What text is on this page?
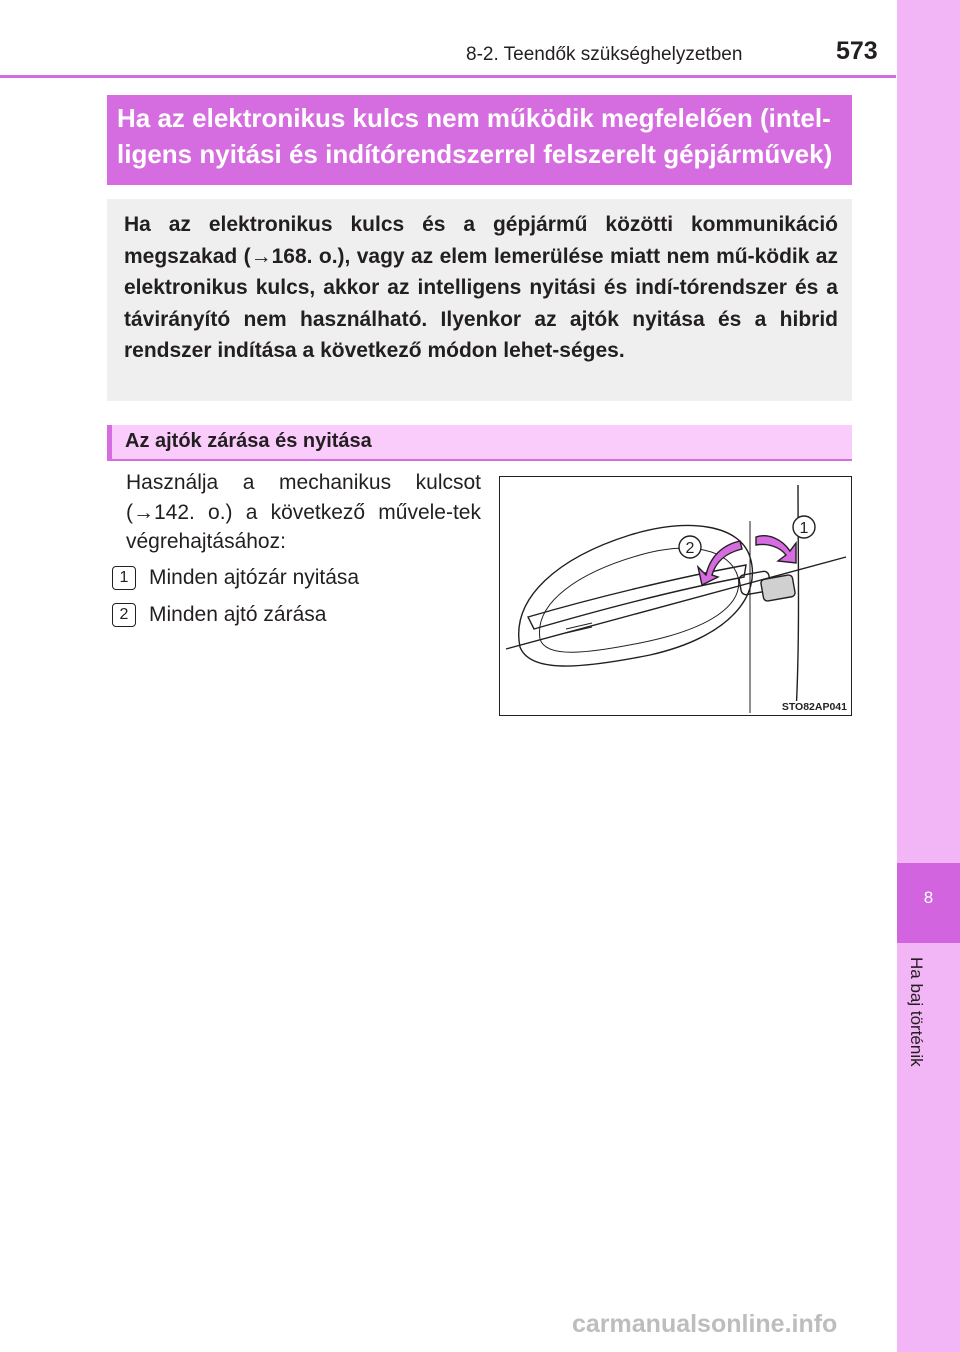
8-2. Teendők szükséghelyzetben	573
8
Ha baj történik
Ha az elektronikus kulcs nem működik megfelelően (intel-
ligens nyitási és indítórendszerrel felszerelt gépjárművek)
Ha az elektronikus kulcs és a gépjármű közötti kommunikáció megszakad (→168. o.), vagy az elem lemerülése miatt nem mű-ködik az elektronikus kulcs, akkor az intelligens nyitási és indí-tórendszer és a távirányító nem használható. Ilyenkor az ajtók nyitása és a hibrid rendszer indítása a következő módon lehet-séges.
Az ajtók zárása és nyitása
Használja a mechanikus kulcsot (→142. o.) a következő művele-tek végrehajtásához:
1 Minden ajtózár nyitása
2 Minden ajtó zárása
1
2
STO82AP041
carmanualsonline.info
